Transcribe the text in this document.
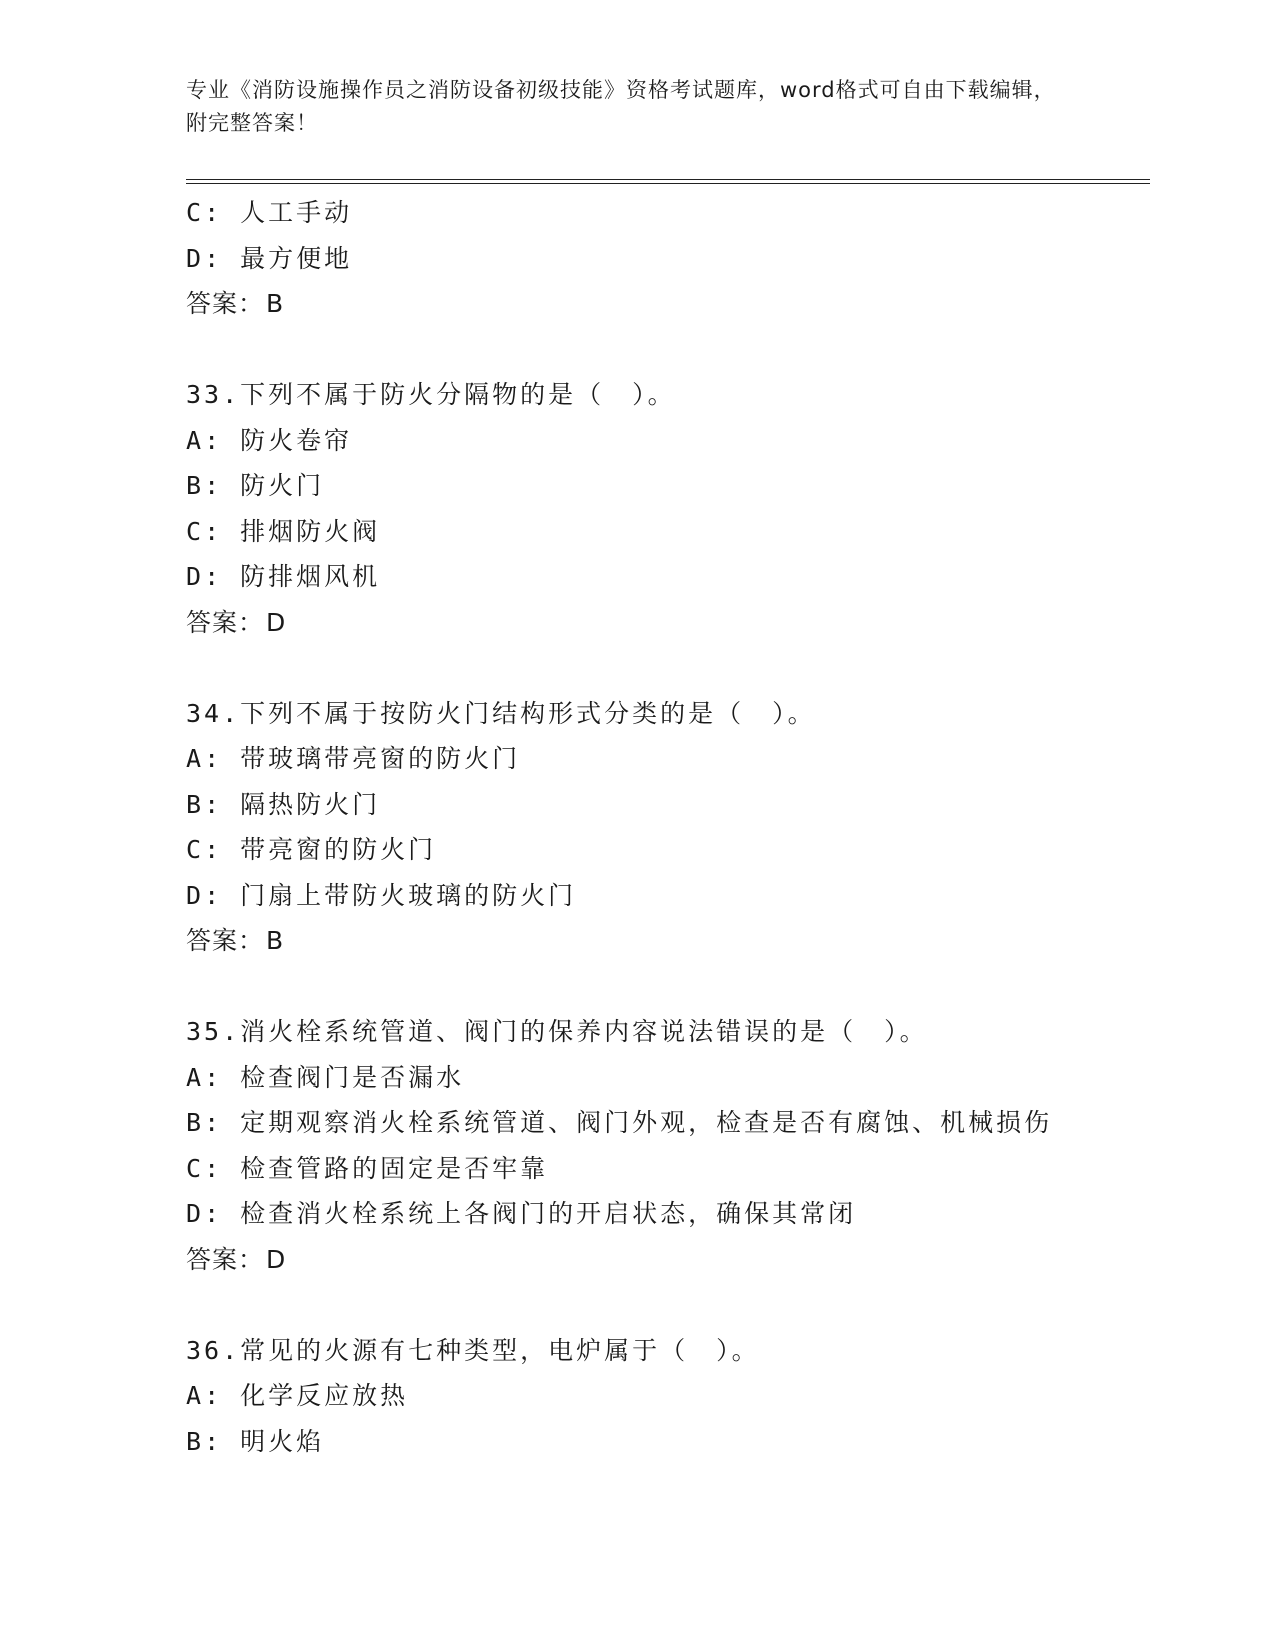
专业《消防设施操作员之消防设备初级技能》资格考试题库，word格式可自由下载编辑，附完整答案！
C: 人工手动
D: 最方便地
答案：B
33.下列不属于防火分隔物的是（　）。
A: 防火卷帘
B: 防火门
C: 排烟防火阀
D: 防排烟风机
答案：D
34.下列不属于按防火门结构形式分类的是（　）。
A: 带玻璃带亮窗的防火门
B: 隔热防火门
C: 带亮窗的防火门
D: 门扇上带防火玻璃的防火门
答案：B
35.消火栓系统管道、阀门的保养内容说法错误的是（　）。
A: 检查阀门是否漏水
B: 定期观察消火栓系统管道、阀门外观，检查是否有腐蚀、机械损伤
C: 检查管路的固定是否牢靠
D: 检查消火栓系统上各阀门的开启状态，确保其常闭
答案：D
36.常见的火源有七种类型，电炉属于（　）。
A: 化学反应放热
B: 明火焰
